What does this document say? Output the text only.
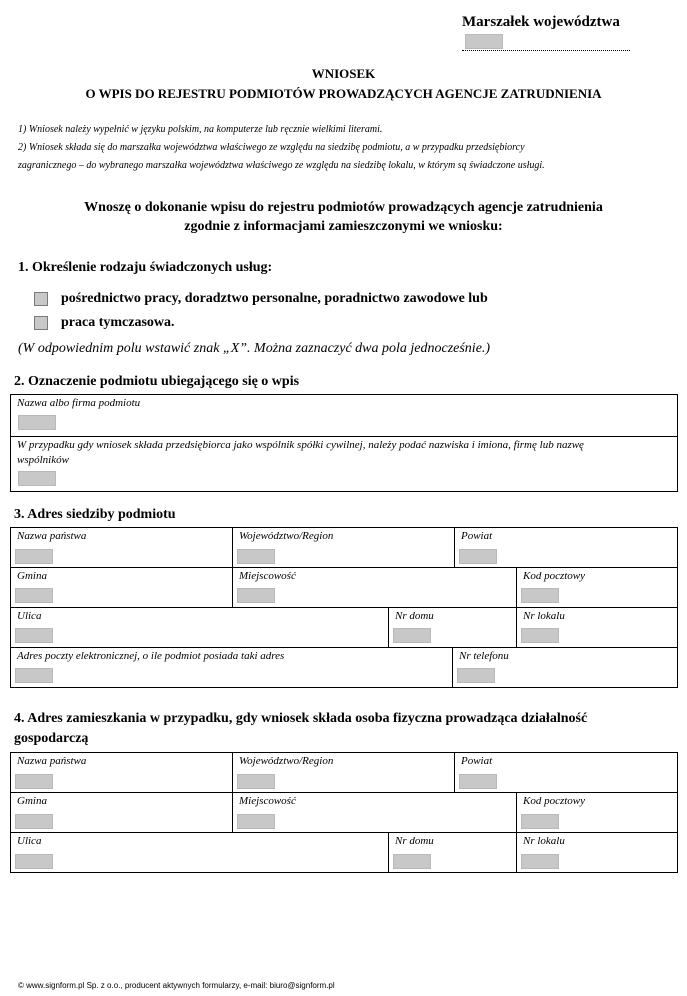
Marszałek województwa
WNIOSEK
O WPIS DO REJESTRU PODMIOTÓW PROWADZĄCYCH AGENCJE ZATRUDNIENIA
1) Wniosek należy wypełnić w języku polskim, na komputerze lub ręcznie wielkimi literami.
2) Wniosek składa się do marszałka województwa właściwego ze względu na siedzibę podmiotu, a w przypadku przedsiębiorcy
zagranicznego – do wybranego marszałka województwa właściwego ze względu na siedzibę lokalu, w którym są świadczone usługi.
Wnoszę o dokonanie wpisu do rejestru podmiotów prowadzących agencje zatrudnienia
zgodnie z informacjami zamieszczonymi we wniosku:
1. Określenie rodzaju świadczonych usług:
pośrednictwo pracy, doradztwo personalne, poradnictwo zawodowe lub
praca tymczasowa.
(W odpowiednim polu wstawić znak „X”. Można zaznaczyć dwa pola jednocześnie.)
2. Oznaczenie podmiotu ubiegającego się o wpis
Nazwa albo firma podmiotu
W przypadku gdy wniosek składa przedsiębiorca jako wspólnik spółki cywilnej, należy podać nazwiska i imiona, firmę lub nazwę
wspólników
3. Adres siedziby podmiotu
Nazwa państwa	Województwo/Region	Powiat
Gmina	Miejscowość	Kod pocztowy
Ulica	Nr domu	Nr lokalu
Adres poczty elektronicznej, o ile podmiot posiada taki adres	Nr telefonu
4. Adres zamieszkania w przypadku, gdy wniosek składa osoba fizyczna prowadząca działalność
gospodarczą
Nazwa państwa	Województwo/Region	Powiat
Gmina	Miejscowość	Kod pocztowy
Ulica	Nr domu	Nr lokalu
© www.signform.pl Sp. z o.o., producent aktywnych formularzy, e-mail: biuro@signform.pl
